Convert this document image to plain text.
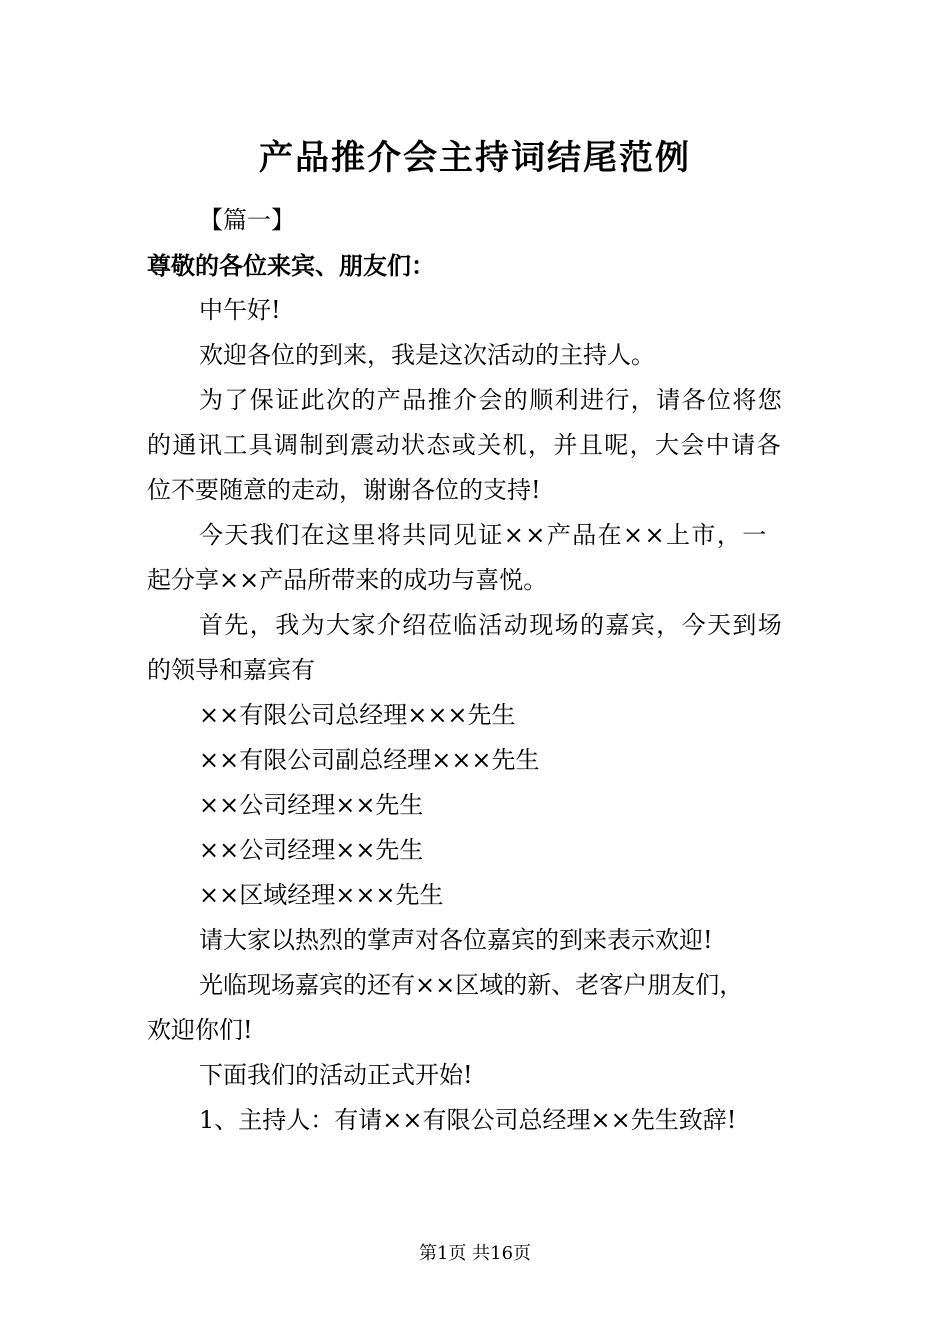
产品推介会主持词结尾范例
【篇一】
尊敬的各位来宾、朋友们：
中午好!
欢迎各位的到来，我是这次活动的主持人。
为了保证此次的产品推介会的顺利进行，请各位将您
的通讯工具调制到震动状态或关机，并且呢，大会中请各
位不要随意的走动，谢谢各位的支持!
今天我们在这里将共同见证××产品在××上市，一
起分享××产品所带来的成功与喜悦。
首先，我为大家介绍莅临活动现场的嘉宾，今天到场
的领导和嘉宾有
××有限公司总经理×××先生
××有限公司副总经理×××先生
××公司经理××先生
××公司经理××先生
××区域经理×××先生
请大家以热烈的掌声对各位嘉宾的到来表示欢迎!
光临现场嘉宾的还有××区域的新、老客户朋友们，
欢迎你们!
下面我们的活动正式开始!
1、主持人：有请××有限公司总经理××先生致辞!
第1页 共16页
